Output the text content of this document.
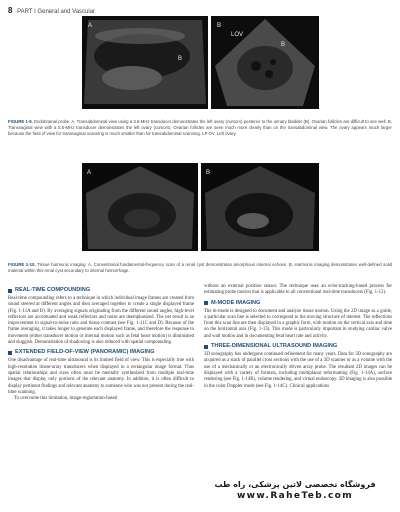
8 PART I General and Vascular
A
B
B
LOV
B
FIGURE 1-9. Endobrainal probe. A, Transabdominal view using a 3.5-MHz transducer demonstrates the left ovary (cursors) posterior to the urinary bladder (B). Ovarian follicles are difficult to see well. B, Transvaginal view with a 5.5-MHz transducer demonstrates the left ovary (cursors). Ovarian follicles are seen much more clearly than on the transabdominal view. The ovary appears much larger because the field of view for transvaginal scanning is much smaller than for transabdominal scanning. LP OV, Left ovary.
A	B
FIGURE 1-10. Tissue harmonic imaging. A, Conventional fundamental-frequency scan of a renal cyst demonstrates amorphous internal echoes. B, Harmonic imaging demonstrates well-defined solid material within this renal cyst secondary to internal hemorrhage.
REAL-TIME COMPOUNDING

Real-time compounding refers to a technique in which individual image frames are created from sound steered at different angles and then averaged together to create a single displayed frame (Fig. 1-11A and B). By averaging signals originating from the different sound angles, high-level reflectors are accentuated and weak reflectors and noise are deemphasized. The net result is an improvement in signal-to-noise ratio and tissue contrast (see Fig. 1-11C and D). Because of the frame averaging, it takes longer to generate each displayed frame, and therefore the response to movement (either transducer motion or internal motion such as fetal heart motion) is diminished and sluggish. Demonstration of shadowing is also reduced with spatial compounding.

EXTENDED FIELD-OF-VIEW (PANORAMIC) IMAGING

One disadvantage of real-time ultrasound is its limited field of view. This is especially true with high-resolution linear-array transducers when displayed in a rectangular image format. Thus spatial relationships and sizes often must be mentally synthesized from multiple real-time images that display only portions of the relevant anatomy. In addition, it is often difficult to display pertinent findings and relevant anatomy to someone who was not present during the real-time scanning.

To overcome this limitation, image-registration-based

without an external position sensor. The technique uses an echo-tracking-based process for estimating probe motion that is applicable to all conventional real-time transducers (Fig. 1-12).

M-MODE IMAGING

The m-mode is designed to document and analyze tissue motion. Using the 2D image as a guide, a particular scan line is selected to correspond to the moving structure of interest. The reflections from this scan line are then displayed in a graphic form, with motion on the vertical axis and time on the horizontal axis (Fig. 1-13). This mode is particularly important in studying cardiac valve and wall motion and in documenting fetal heart rate and activity.

THREE-DIMENSIONAL ULTRASOUND IMAGING

3D sonography has undergone continued refinement for many years. Data for 3D sonography are acquired as a stack of parallel cross sections with the use of a 3D scanner or as a volume with the use of a mechanically or an electronically driven array probe. The resultant 2D images can be displayed with a variety of formats, including multiplanar reformatting (Fig. 1-14A), surface rendering (see Fig. 1-14B), volume rendering, and virtual endoscopy. 3D imaging is also possible in the color Doppler mode (see Fig. 1-14C). Clinical applications

فروشگاه تخصصی لاتین پزشکی، راه طب
www.RaheTeb.com
